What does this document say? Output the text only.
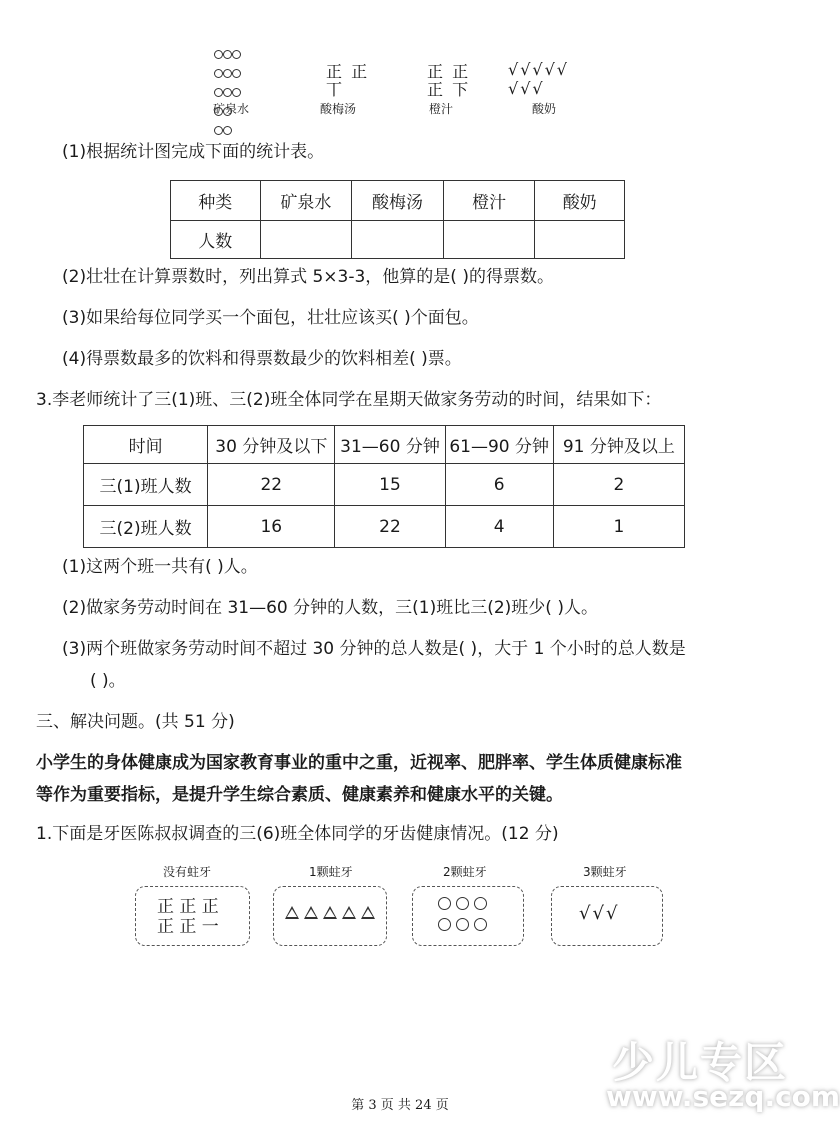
矿泉水
正 正
丅
酸梅汤
正 正
正 下
橙汁
√√√√√
√√√
酸奶
(1)根据统计图完成下面的统计表。
种类	矿泉水	酸梅汤	橙汁	酸奶
人数				
(2)壮壮在计算票数时，列出算式 5×3-3，他算的是( )的得票数。
(3)如果给每位同学买一个面包，壮壮应该买( )个面包。
(4)得票数最多的饮料和得票数最少的饮料相差( )票。
3.李老师统计了三(1)班、三(2)班全体同学在星期天做家务劳动的时间，结果如下：
时间	30 分钟及以下	31—60 分钟	61—90 分钟	91 分钟及以上
三(1)班人数	22	15	6	2
三(2)班人数	16	22	4	1
(1)这两个班一共有( )人。
(2)做家务劳动时间在 31—60 分钟的人数，三(1)班比三(2)班少( )人。
(3)两个班做家务劳动时间不超过 30 分钟的总人数是( )，大于 1 个小时的总人数是
( )。
三、解决问题。(共 51 分)
小学生的身体健康成为国家教育事业的重中之重，近视率、肥胖率、学生体质健康标准
等作为重要指标，是提升学生综合素质、健康素养和健康水平的关键。
1.下面是牙医陈叔叔调查的三(6)班全体同学的牙齿健康情况。(12 分)
没有蛀牙
正 正 正
正 正 一
1颗蛀牙	2颗蛀牙	3颗蛀牙
√√√
第 3 页 共 24 页
少儿专区
www.sezq.com
